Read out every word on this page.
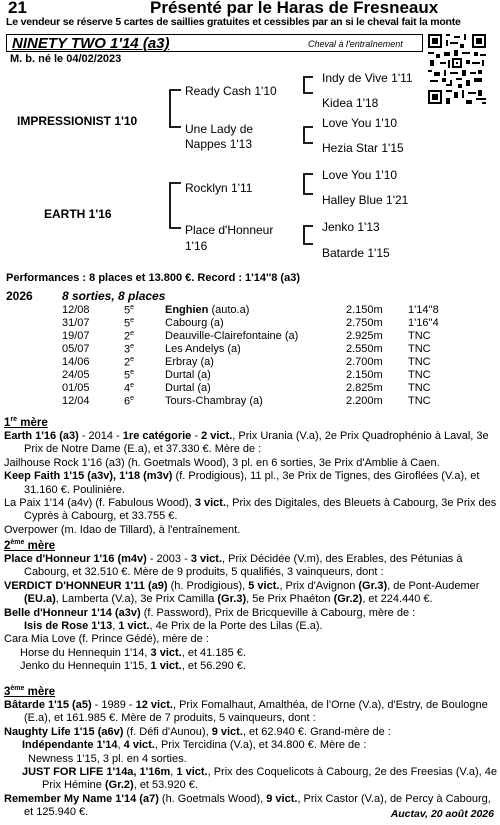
21	Présenté par le Haras de Fresneaux
Le vendeur se réserve 5 cartes de saillies gratuites et cessibles par an si le cheval fait la monte
NINETY TWO 1'14 (a3)	Cheval à l'entraînement
M. b. né le 04/02/2023
IMPRESSIONIST 1'10
Ready Cash 1'10
Une Lady de
Nappes 1'13
Indy de Vive 1'11
Kidea 1'18
Love You 1'10
Hezia Star 1'15
EARTH 1'16
Rocklyn 1'11
Place d'Honneur
1'16
Love You 1'10
Halley Blue 1'21
Jenko 1'13
Batarde 1'15
Performances : 8 places et 13.800 €. Record : 1'14''8 (a3)
2026 8 sorties, 8 places
12/08	5e	Enghien (auto.a)	2.150m 1'14''8
31/07	5e	Cabourg (a)	2.750m 1'16''4
19/07	2e	Deauville-Clairefontaine (a)	2.925m TNC
05/07	3e	Les Andelys (a)	2.550m TNC
14/06	2e	Erbray (a)	2.700m TNC
24/05	5e	Durtal (a)	2.150m TNC
01/05	4e	Durtal (a)	2.825m TNC
12/04	6e	Tours-Chambray (a)	2.200m TNC
1re mère

Earth 1'16 (a3) - 2014 - 1re catégorie - 2 vict., Prix Urania (V.a), 2e Prix Quadrophénio à Laval, 3e Prix de Notre Dame (E.a), et 37.330 €. Mère de :

Jailhouse Rock 1'16 (a3) (h. Goetmals Wood), 3 pl. en 6 sorties, 3e Prix d'Amblie à Caen.

Keep Faith 1'15 (a3v), 1'18 (m3v) (f. Prodigious), 11 pl., 3e Prix de Tignes, des Giroflées (V.a), et 31.160 €. Poulinière.

La Paix 1'14 (a4v) (f. Fabulous Wood), 3 vict., Prix des Digitales, des Bleuets à Cabourg, 3e Prix des Cyprès à Cabourg, et 33.755 €.

Overpower (m. Idao de Tillard), à l'entraînement.

2ème mère

Place d'Honneur 1'16 (m4v) - 2003 - 3 vict., Prix Décidée (V.m), des Erables, des Pétunias à Cabourg, et 32.510 €. Mère de 9 produits, 5 qualifiés, 3 vainqueurs, dont :

VERDICT D'HONNEUR 1'11 (a9) (h. Prodigious), 5 vict., Prix d'Avignon (Gr.3), de Pont-Audemer (EU.a), Lamberta (V.a), 3e Prix Camilla (Gr.3), 5e Prix Phaéton (Gr.2), et 224.440 €.

Belle d'Honneur 1'14 (a3v) (f. Password), Prix de Bricqueville à Cabourg, mère de :

Isis de Rose 1'13, 1 vict., 4e Prix de la Porte des Lilas (E.a).

Cara Mia Love (f. Prince Gédé), mère de :

Horse du Hennequin 1'14, 3 vict., et 41.185 €.

Jenko du Hennequin 1'15, 1 vict., et 56.290 €.

3ème mère

Bâtarde 1'15 (a5) - 1989 - 12 vict., Prix Fomalhaut, Amalthéa, de l'Orne (V.a), d'Estry, de Boulogne (E.a), et 161.985 €. Mère de 7 produits, 5 vainqueurs, dont :

Naughty Life 1'15 (a6v) (f. Défi d'Aunou), 9 vict., et 62.940 €. Grand-mère de :

Indépendante 1'14, 4 vict., Prix Tercidina (V.a), et 34.800 €. Mère de :

Newness 1'15, 3 pl. en 4 sorties.

JUST FOR LIFE 1'14a, 1'16m, 1 vict., Prix des Coquelicots à Cabourg, 2e des Freesias (V.a), 4e Prix Hémine (Gr.2), et 53.920 €.

Remember My Name 1'14 (a7) (h. Goetmals Wood), 9 vict., Prix Castor (V.a), de Percy à Cabourg, et 125.940 €.	Auctav, 20 août 2026
